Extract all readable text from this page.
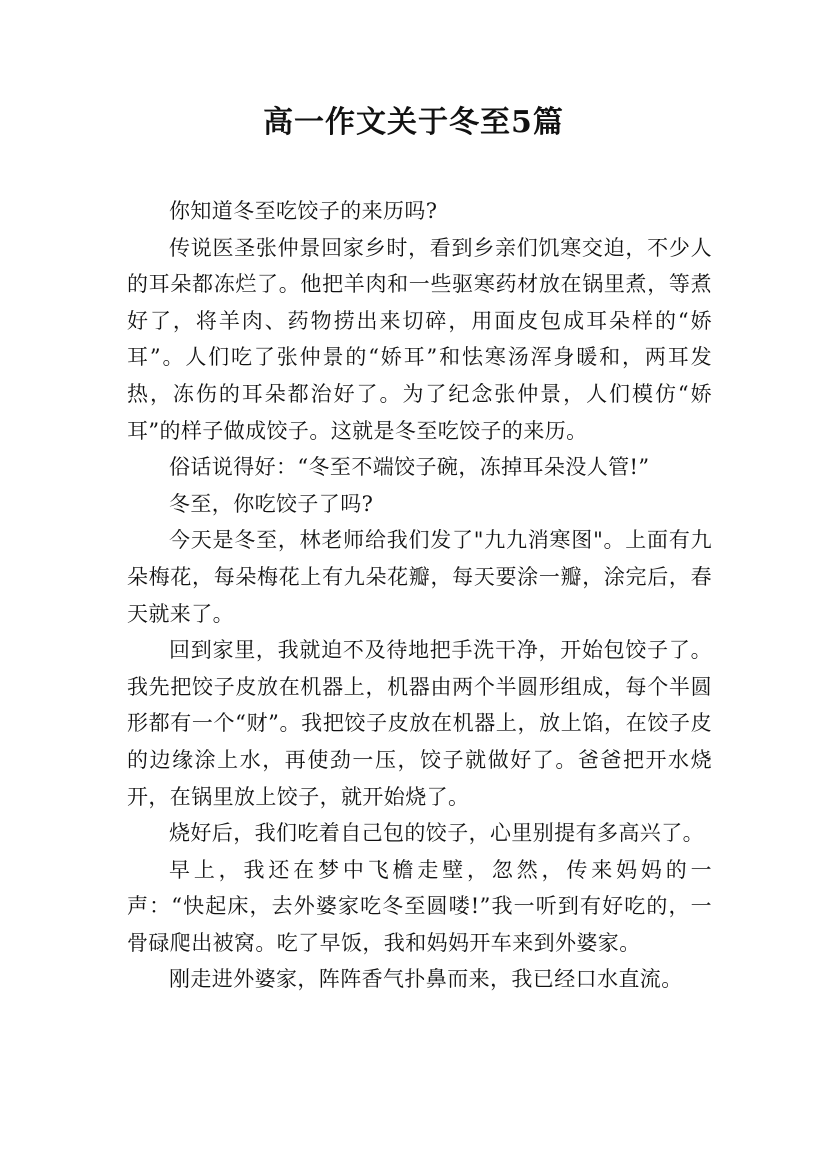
高一作文关于冬至5篇

你知道冬至吃饺子的来历吗?

传说医圣张仲景回家乡时，看到乡亲们饥寒交迫，不少人的耳朵都冻烂了。他把羊肉和一些驱寒药材放在锅里煮，等煮好了，将羊肉、药物捞出来切碎，用面皮包成耳朵样的“娇耳”。人们吃了张仲景的“娇耳”和怯寒汤浑身暖和，两耳发热，冻伤的耳朵都治好了。为了纪念张仲景，人们模仿“娇耳”的样子做成饺子。这就是冬至吃饺子的来历。

俗话说得好：“冬至不端饺子碗，冻掉耳朵没人管!”

冬至，你吃饺子了吗?

今天是冬至，林老师给我们发了"九九消寒图"。上面有九朵梅花，每朵梅花上有九朵花瓣，每天要涂一瓣，涂完后，春天就来了。

回到家里，我就迫不及待地把手洗干净，开始包饺子了。我先把饺子皮放在机器上，机器由两个半圆形组成，每个半圆形都有一个“财”。我把饺子皮放在机器上，放上馅，在饺子皮的边缘涂上水，再使劲一压，饺子就做好了。爸爸把开水烧开，在锅里放上饺子，就开始烧了。

烧好后，我们吃着自己包的饺子，心里别提有多高兴了。

早上，我还在梦中飞檐走壁，忽然，传来妈妈的一声：“快起床，去外婆家吃冬至圆喽!”我一听到有好吃的，一骨碌爬出被窝。吃了早饭，我和妈妈开车来到外婆家。

刚走进外婆家，阵阵香气扑鼻而来，我已经口水直流。
